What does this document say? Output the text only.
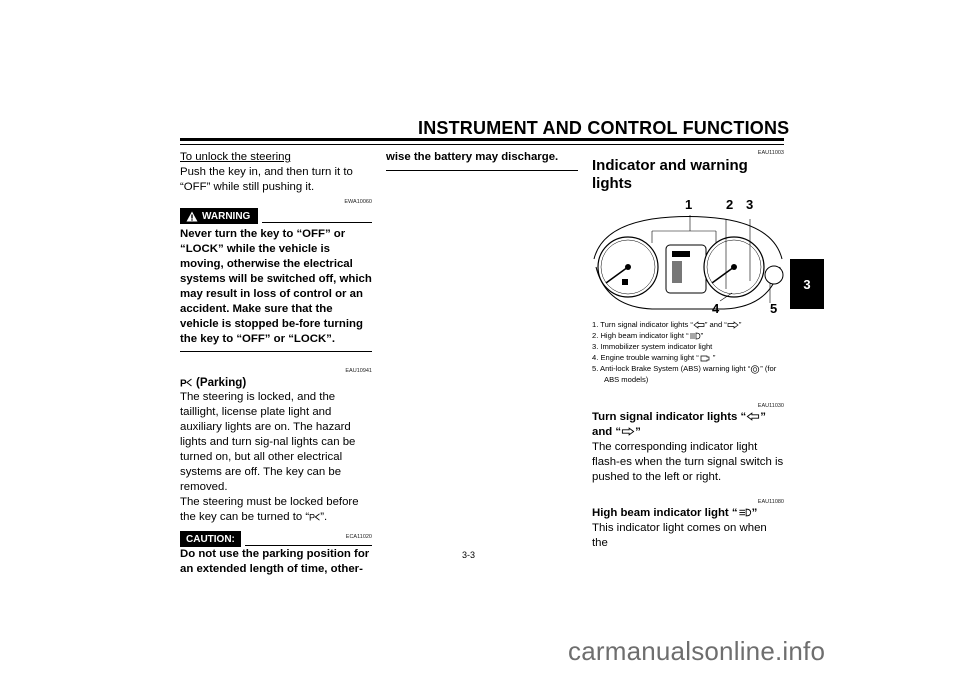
INSTRUMENT AND CONTROL FUNCTIONS
3
To unlock the steering
Push the key in, and then turn it to “OFF” while still pushing it.
EWA10060
WARNING
Never turn the key to “OFF” or “LOCK” while the vehicle is moving, otherwise the electrical systems will be switched off, which may result in loss of control or an accident. Make sure that the vehicle is stopped be-fore turning the key to “OFF” or “LOCK”.
EAU10941
P (Parking)
The steering is locked, and the taillight, license plate light and auxiliary lights are on. The hazard lights and turn sig-nal lights can be turned on, but all other electrical systems are off. The key can be removed.
The steering must be locked before the key can be turned to “ P ”.
CAUTION:	ECA11020
Do not use the parking position for an extended length of time, other-
wise the battery may discharge.	EAU11003
Indicator and warning lights
1	2 3
4	5
1. Turn signal indicator lights “ ” and “ ”
2. High beam indicator light “ ”
3. Immobilizer system indicator light
4. Engine trouble warning light “ ”
5. Anti-lock Brake System (ABS) warning light “ ” (for ABS models)
EAU11030
Turn signal indicator lights “ ” and “ ”
The corresponding indicator light flash-es when the turn signal switch is pushed to the left or right.
EAU11080
High beam indicator light “ ”
This indicator light comes on when the
3-3
carmanualsonline.info
